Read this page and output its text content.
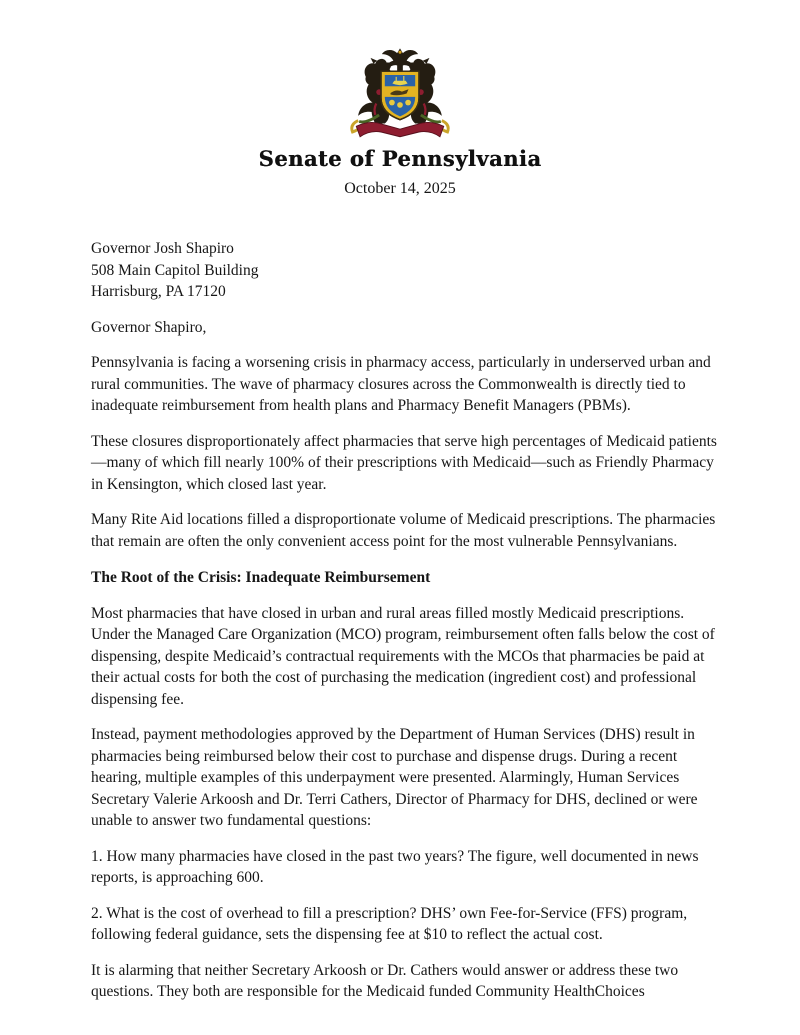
Senate of Pennsylvania
October 14, 2025
Governor Josh Shapiro
508 Main Capitol Building
Harrisburg, PA 17120

Governor Shapiro,

Pennsylvania is facing a worsening crisis in pharmacy access, particularly in underserved urban and rural communities. The wave of pharmacy closures across the Commonwealth is directly tied to inadequate reimbursement from health plans and Pharmacy Benefit Managers (PBMs).

These closures disproportionately affect pharmacies that serve high percentages of Medicaid patients—many of which fill nearly 100% of their prescriptions with Medicaid—such as Friendly Pharmacy in Kensington, which closed last year.

Many Rite Aid locations filled a disproportionate volume of Medicaid prescriptions. The pharmacies that remain are often the only convenient access point for the most vulnerable Pennsylvanians.

The Root of the Crisis: Inadequate Reimbursement

Most pharmacies that have closed in urban and rural areas filled mostly Medicaid prescriptions. Under the Managed Care Organization (MCO) program, reimbursement often falls below the cost of dispensing, despite Medicaid’s contractual requirements with the MCOs that pharmacies be paid at their actual costs for both the cost of purchasing the medication (ingredient cost) and professional dispensing fee.

Instead, payment methodologies approved by the Department of Human Services (DHS) result in pharmacies being reimbursed below their cost to purchase and dispense drugs. During a recent hearing, multiple examples of this underpayment were presented. Alarmingly, Human Services Secretary Valerie Arkoosh and Dr. Terri Cathers, Director of Pharmacy for DHS, declined or were unable to answer two fundamental questions:

1. How many pharmacies have closed in the past two years? The figure, well documented in news reports, is approaching 600.

2. What is the cost of overhead to fill a prescription? DHS’ own Fee-for-Service (FFS) program, following federal guidance, sets the dispensing fee at $10 to reflect the actual cost.

It is alarming that neither Secretary Arkoosh or Dr. Cathers would answer or address these two questions. They both are responsible for the Medicaid funded Community HealthChoices
